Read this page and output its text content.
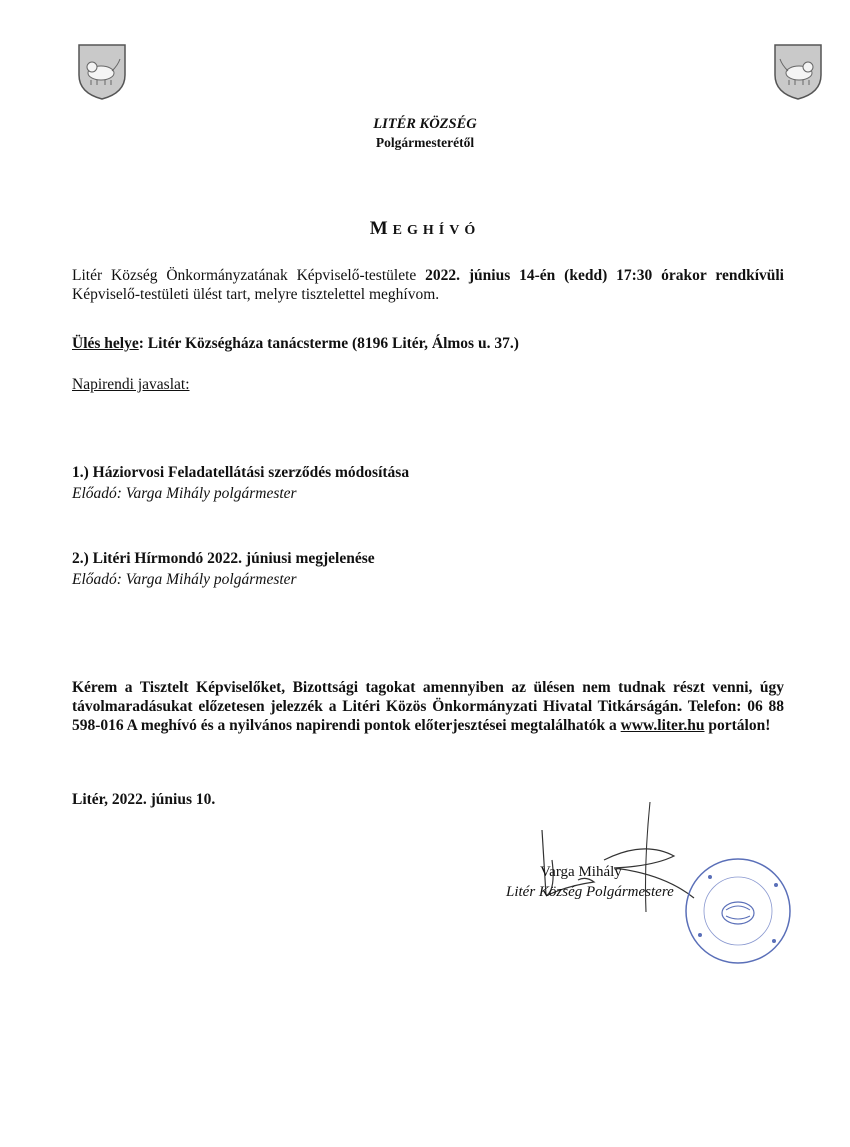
LITÉR KÖZSÉG
Polgármesterétől
MEGHÍVÓ
Litér Község Önkormányzatának Képviselő-testülete 2022. június 14-én (kedd) 17:30 órakor rendkívüli Képviselő-testületi ülést tart, melyre tisztelettel meghívom.
Ülés helye: Litér Községháza tanácsterme (8196 Litér, Álmos u. 37.)
Napirendi javaslat:
1.) Háziorvosi Feladatellátási szerződés módosítása
Előadó: Varga Mihály polgármester
2.) Litéri Hírmondó 2022. júniusi megjelenése
Előadó: Varga Mihály polgármester
Kérem a Tisztelt Képviselőket, Bizottsági tagokat amennyiben az ülésen nem tudnak részt venni, úgy távolmaradásukat előzetesen jelezzék a Litéri Közös Önkormányzati Hivatal Titkárságán. Telefon: 06 88 598-016 A meghívó és a nyilvános napirendi pontok előterjesztései megtalálhatók a www.liter.hu portálon!
Litér, 2022. június 10.
Varga Mihály
Litér Község Polgármestere
